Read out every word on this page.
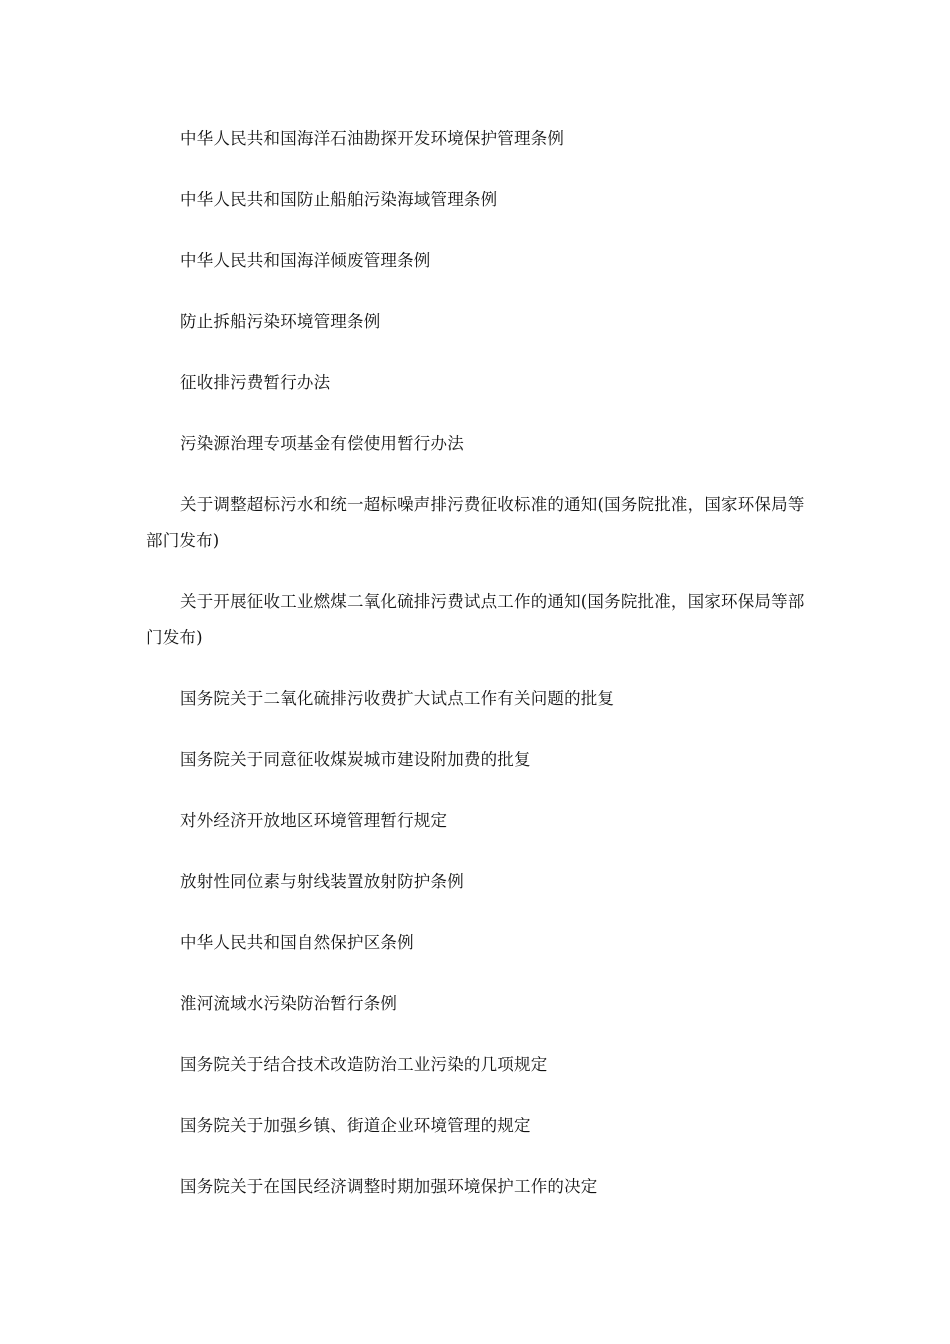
中华人民共和国海洋石油勘探开发环境保护管理条例
中华人民共和国防止船舶污染海域管理条例
中华人民共和国海洋倾废管理条例
防止拆船污染环境管理条例
征收排污费暂行办法
污染源治理专项基金有偿使用暂行办法
关于调整超标污水和统一超标噪声排污费征收标准的通知(国务院批准，国家环保局等部门发布)
关于开展征收工业燃煤二氧化硫排污费试点工作的通知(国务院批准，国家环保局等部门发布)
国务院关于二氧化硫排污收费扩大试点工作有关问题的批复
国务院关于同意征收煤炭城市建设附加费的批复
对外经济开放地区环境管理暂行规定
放射性同位素与射线装置放射防护条例
中华人民共和国自然保护区条例
淮河流域水污染防治暂行条例
国务院关于结合技术改造防治工业污染的几项规定
国务院关于加强乡镇、街道企业环境管理的规定
国务院关于在国民经济调整时期加强环境保护工作的决定
